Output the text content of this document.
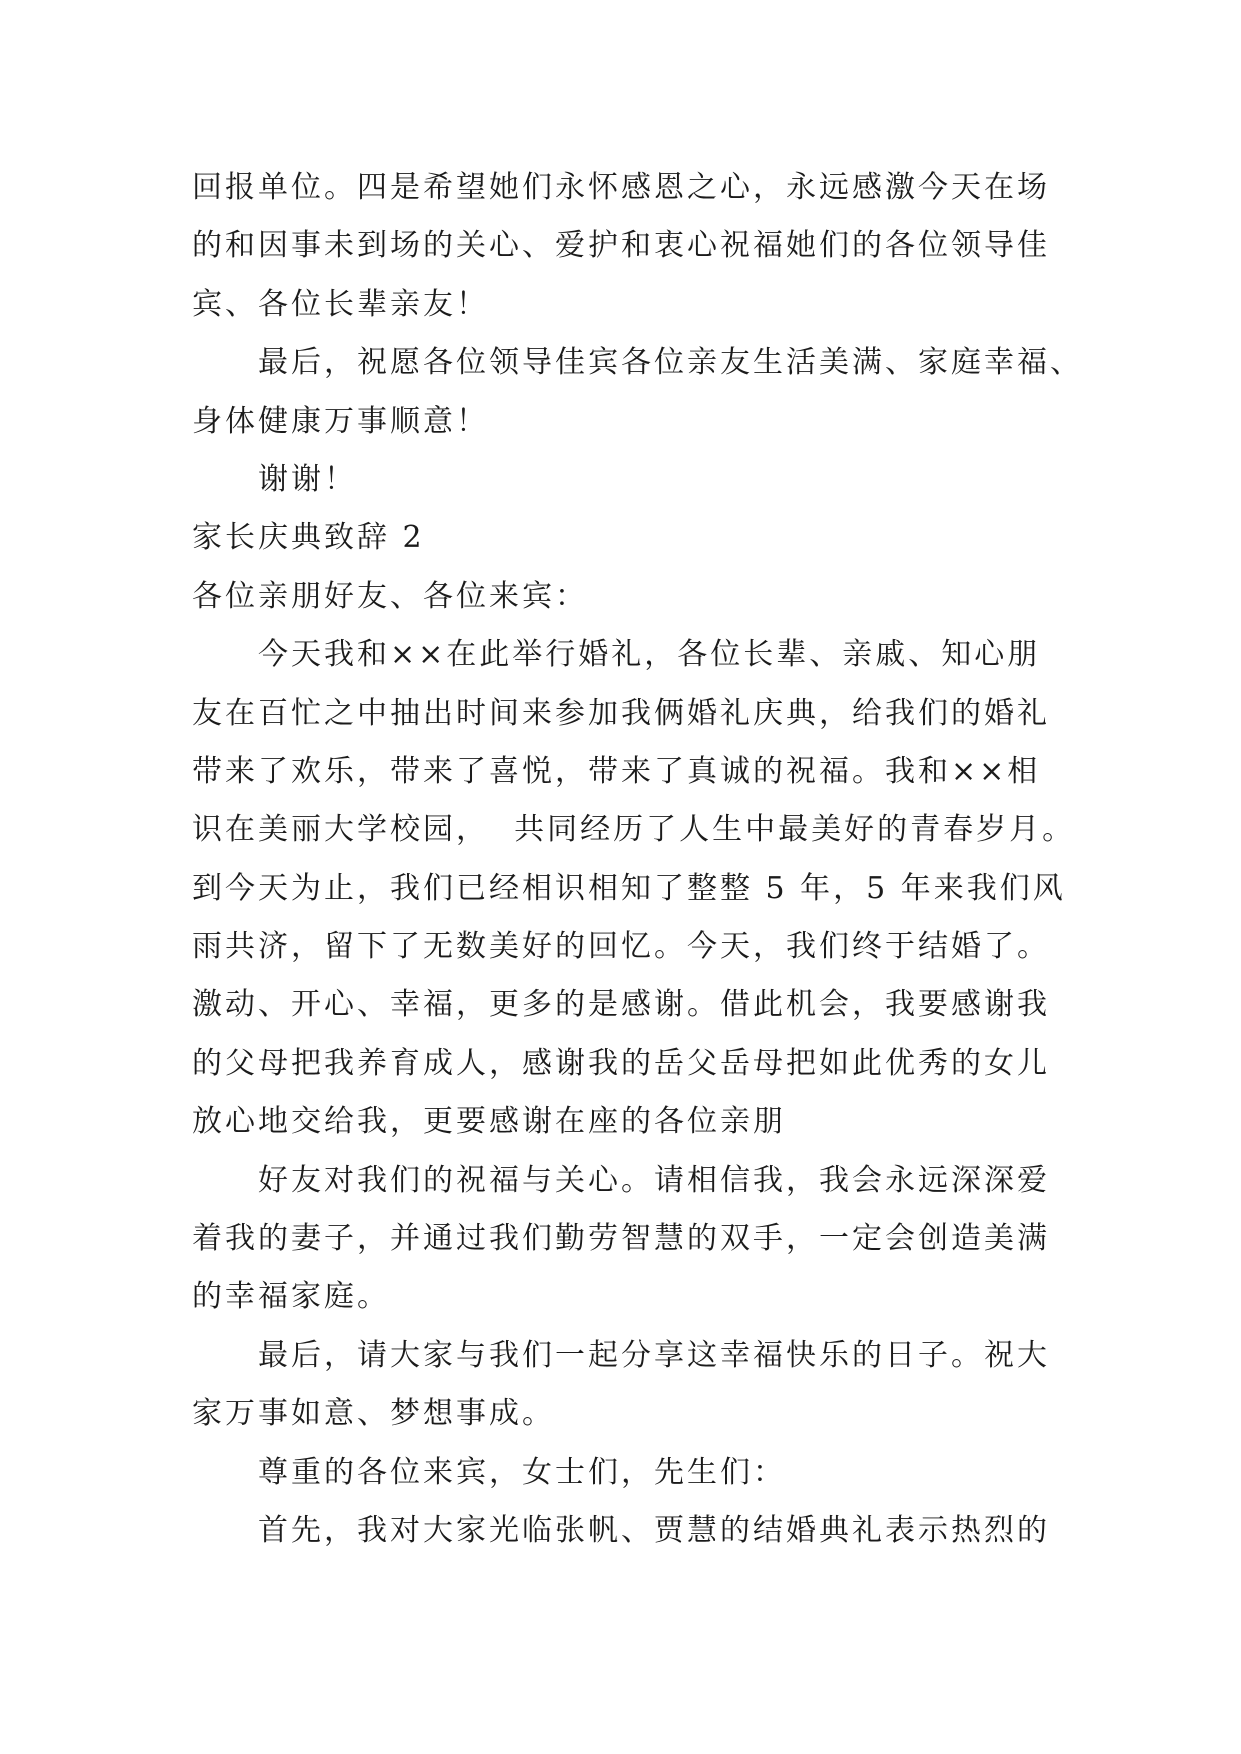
回报单位。四是希望她们永怀感恩之心，永远感激今天在场
的和因事未到场的关心、爱护和衷心祝福她们的各位领导佳
宾、各位长辈亲友！
最后，祝愿各位领导佳宾各位亲友生活美满、家庭幸福、
身体健康万事顺意！
谢谢！
家长庆典致辞 2
各位亲朋好友、各位来宾：
今天我和××在此举行婚礼，各位长辈、亲戚、知心朋
友在百忙之中抽出时间来参加我俩婚礼庆典，给我们的婚礼
带来了欢乐，带来了喜悦，带来了真诚的祝福。我和××相
识在美丽大学校园，  共同经历了人生中最美好的青春岁月。
到今天为止，我们已经相识相知了整整 5 年，5 年来我们风
雨共济，留下了无数美好的回忆。今天，我们终于结婚了。
激动、开心、幸福，更多的是感谢。借此机会，我要感谢我
的父母把我养育成人，感谢我的岳父岳母把如此优秀的女儿
放心地交给我，更要感谢在座的各位亲朋
好友对我们的祝福与关心。请相信我，我会永远深深爱
着我的妻子，并通过我们勤劳智慧的双手，一定会创造美满
的幸福家庭。
最后，请大家与我们一起分享这幸福快乐的日子。祝大
家万事如意、梦想事成。
尊重的各位来宾，女士们，先生们：
首先，我对大家光临张帆、贾慧的结婚典礼表示热烈的
